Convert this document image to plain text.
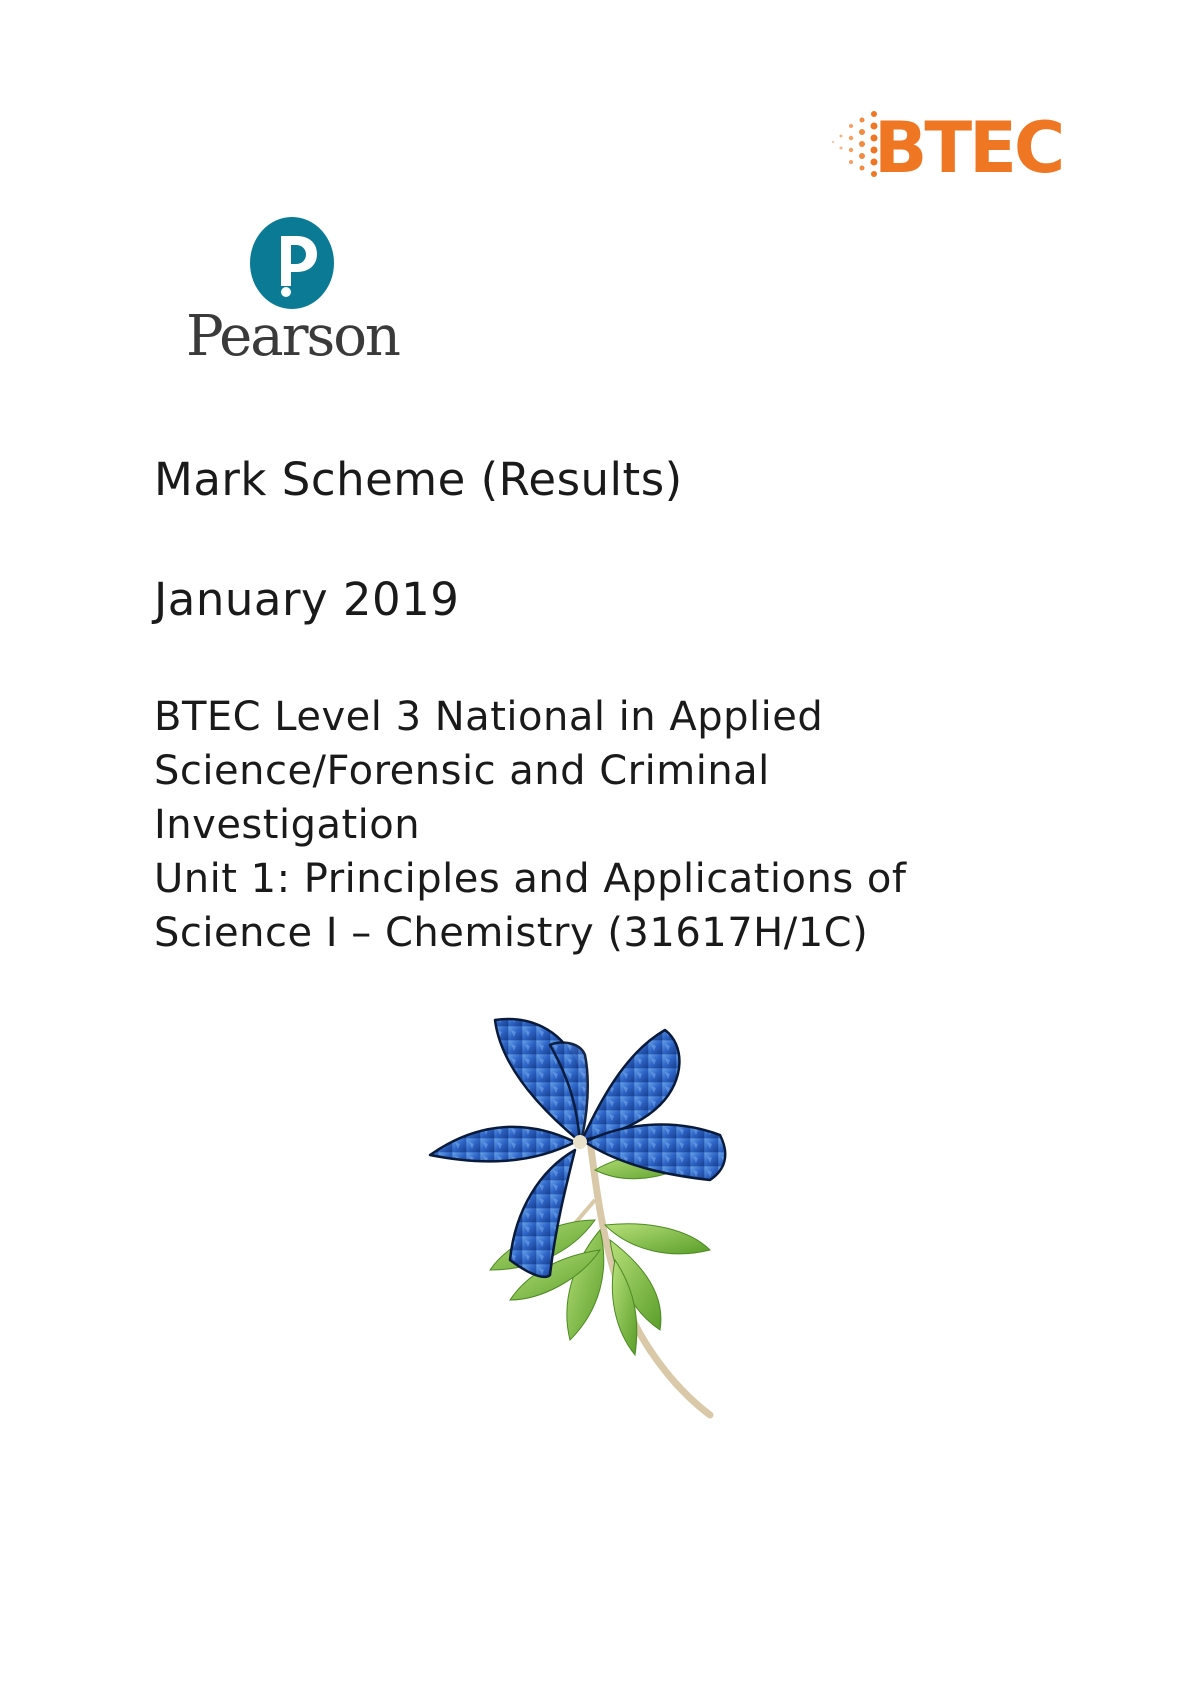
BTEC
Pearson
Mark Scheme (Results)
January 2019
BTEC Level 3 National in Applied
Science/Forensic and Criminal
Investigation
Unit 1: Principles and Applications of
Science I – Chemistry (31617H/1C)
